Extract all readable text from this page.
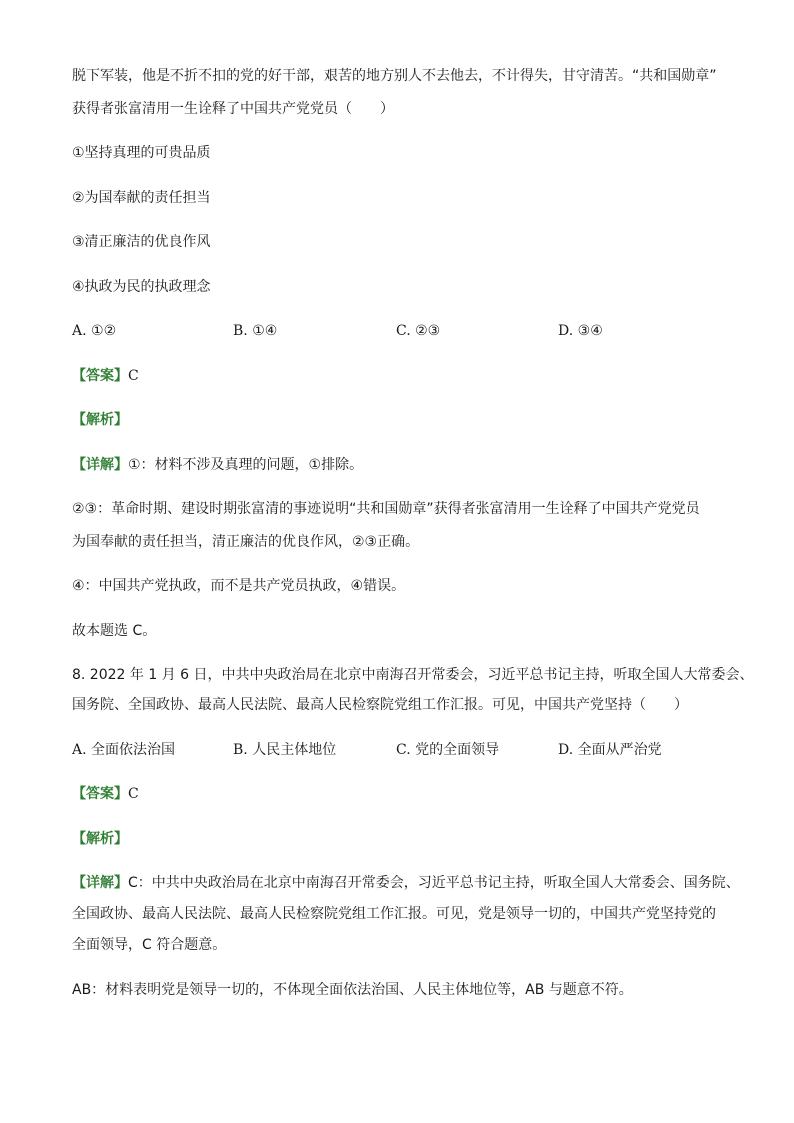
脱下军装，他是不折不扣的党的好干部，艰苦的地方别人不去他去，不计得失，甘守清苦。“共和国勋章”
获得者张富清用一生诠释了中国共产党党员（　　）
①坚持真理的可贵品质
②为国奉献的责任担当
③清正廉洁的优良作风
④执政为民的执政理念
A. ①②	B. ①④	C. ②③	D. ③④
【答案】C
【解析】
【详解】①：材料不涉及真理的问题，①排除。
②③：革命时期、建设时期张富清的事迹说明“共和国勋章”获得者张富清用一生诠释了中国共产党党员
为国奉献的责任担当，清正廉洁的优良作风，②③正确。
④：中国共产党执政，而不是共产党员执政，④错误。
故本题选 C。
8. 2022 年 1 月 6 日，中共中央政治局在北京中南海召开常委会，习近平总书记主持，听取全国人大常委会、
国务院、全国政协、最高人民法院、最高人民检察院党组工作汇报。可见，中国共产党坚持（　　）
A. 全面依法治国	B. 人民主体地位	C. 党的全面领导	D. 全面从严治党
【答案】C
【解析】
【详解】C：中共中央政治局在北京中南海召开常委会，习近平总书记主持，听取全国人大常委会、国务院、
全国政协、最高人民法院、最高人民检察院党组工作汇报。可见，党是领导一切的，中国共产党坚持党的
全面领导，C 符合题意。
AB：材料表明党是领导一切的，不体现全面依法治国、人民主体地位等，AB 与题意不符。
